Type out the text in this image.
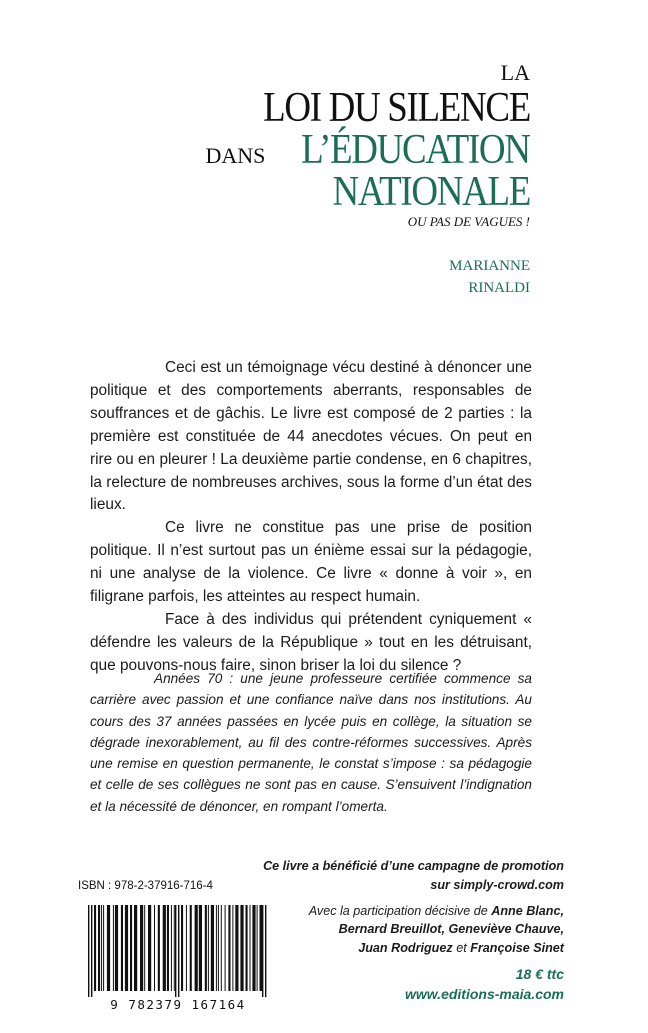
LA
LOI DU SILENCE
DANS L’ÉDUCATION
NATIONALE
OU PAS DE VAGUES !
MARIANNE
RINALDI

Ceci est un témoignage vécu destiné à dénoncer une politique et des comportements aberrants, responsables de souffrances et de gâchis. Le livre est composé de 2 parties : la première est constituée de 44 anecdotes vécues. On peut en rire ou en pleurer ! La deuxième partie condense, en 6 chapitres, la relecture de nombreuses archives, sous la forme d’un état des lieux.

Ce livre ne constitue pas une prise de position politique. Il n’est surtout pas un énième essai sur la pédagogie, ni une analyse de la violence. Ce livre « donne à voir », en filigrane parfois, les atteintes au respect humain.

Face à des individus qui prétendent cyniquement « défendre les valeurs de la République » tout en les détruisant, que pouvons-nous faire, sinon briser la loi du silence ?

Années 70 : une jeune professeure certifiée commence sa carrière avec passion et une confiance naïve dans nos institutions. Au cours des 37 années passées en lycée puis en collège, la situation se dégrade inexorablement, au fil des contre-réformes successives. Après une remise en question permanente, le constat s’impose : sa pédagogie et celle de ses collègues ne sont pas en cause. S’ensuivent l’indignation et la nécessité de dénoncer, en rompant l’omerta.

Ce livre a bénéficié d’une campagne de promotion
sur simply-crowd.com
Avec la participation décisive de Anne Blanc,
Bernard Breuillot, Geneviève Chauve,
Juan Rodriguez et Françoise Sinet
18 € ttc
www.editions-maia.com
ISBN : 978-2-37916-716-4
9 782379 167164
